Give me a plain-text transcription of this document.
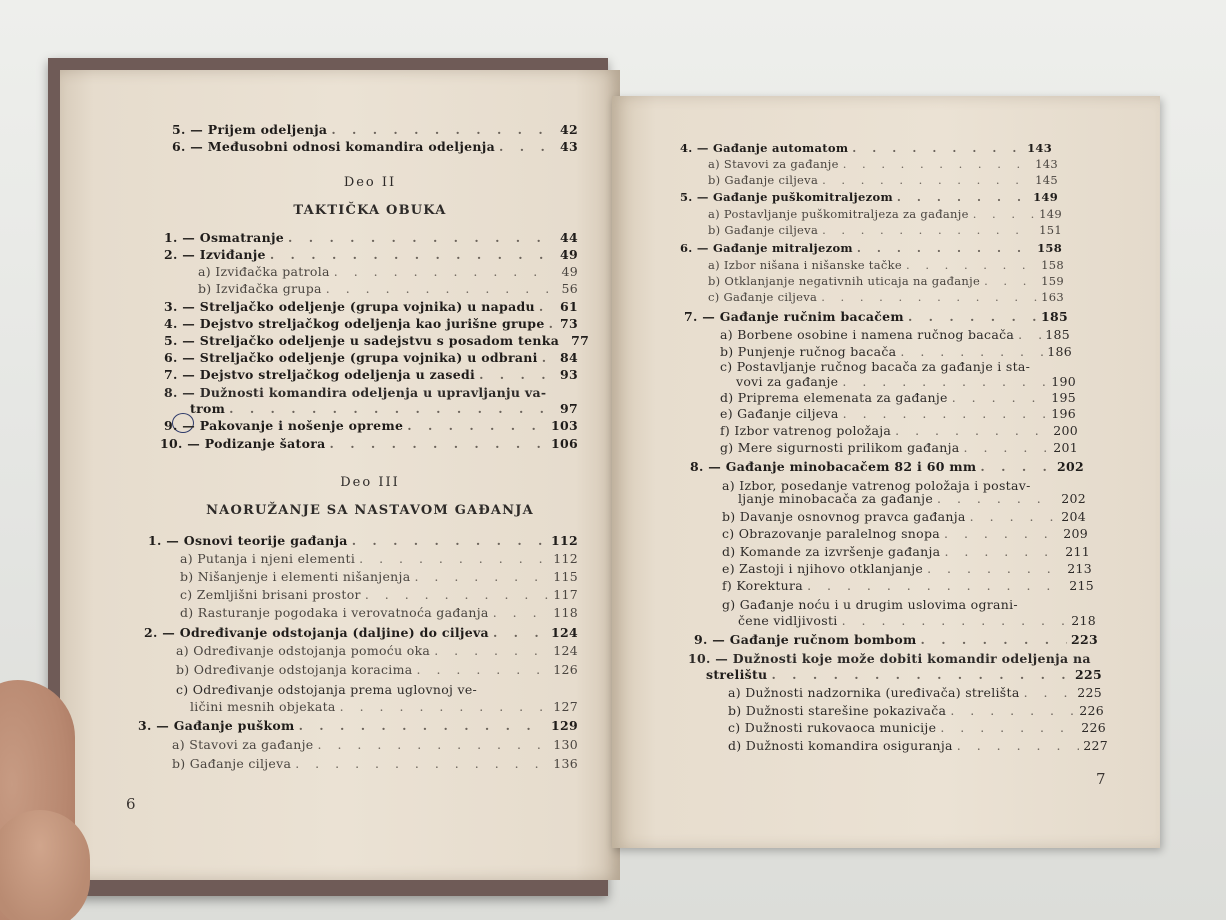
5. — Prijem odeljenja . . .	42
6. — Međusobni odnosi komandira odeljenja . . .	43
Deo II
TAKTIČKA OBUKA
1. — Osmatranje . . .	44
2. — Izviđanje . . .	49
a) Izviđačka patrola . . .	49
b) Izviđačka grupa . . .	56
3. — Streljačko odeljenje (grupa vojnika) u napadu . . .	61
4. — Dejstvo streljačkog odeljenja kao jurišne grupe . . .	73
5. — Streljačko odeljenje u sadejstvu s posadom tenka 77
6. — Streljačko odeljenje (grupa vojnika) u odbrani . . .	84
7. — Dejstvo streljačkog odeljenja u zasedi . . .	93
8. — Dužnosti komandira odeljenja u upravljanju va-
trom . . .	97
9. — Pakovanje i nošenje opreme . . .	103
10. — Podizanje šatora . . .	106
Deo III
NAORUŽANJE SA NASTAVOM GAĐANJA
1. — Osnovi teorije gađanja . . .	112
a) Putanja i njeni elementi . . .	112
b) Nišanjenje i elementi nišanjenja . . .	115
c) Zemljišni brisani prostor . . .	117
d) Rasturanje pogodaka i verovatnoća gađanja . . .	118
2. — Određivanje odstojanja (daljine) do ciljeva . . .	124
a) Određivanje odstojanja pomoću oka . . .	124
b) Određivanje odstojanja koracima . . .	126
c) Određivanje odstojanja prema uglovnoj ve-
ličini mesnih objekata . . .	127
3. — Gađanje puškom . . .	129
a) Stavovi za gađanje . . .	130
b) Gađanje ciljeva . . .	136
6
4. — Gađanje automatom . . .	143
a) Stavovi za gađanje . . .	143
b) Gađanje ciljeva . . .	145
5. — Gađanje puškomitraljezom . . .	149
a) Postavljanje puškomitraljeza za gađanje . . .	149
b) Gađanje ciljeva . . .	151
6. — Gađanje mitraljezom . . .	158
a) Izbor nišana i nišanske tačke . . .	158
b) Otklanjanje negativnih uticaja na gađanje . . .	159
c) Gađanje ciljeva . . .	163
7. — Gađanje ručnim bacačem . . .	185
a) Borbene osobine i namena ručnog bacača . . . 185
b) Punjenje ručnog bacača . . .	186
c) Postavljanje ručnog bacača za gađanje i sta-
vovi za gađanje . . .	190
d) Priprema elemenata za gađanje . . .	195
e) Gađanje ciljeva . . .	196
f) Izbor vatrenog položaja . . .	200
g) Mere sigurnosti prilikom gađanja . . .	201
8. — Gađanje minobacačem 82 i 60 mm . . .	202
a) Izbor, posedanje vatrenog položaja i postav-
ljanje minobacača za gađanje . . .	202
b) Davanje osnovnog pravca gađanja . . .	204
c) Obrazovanje paralelnog snopa . . .	209
d) Komande za izvršenje gađanja . . .	211
e) Zastoji i njihovo otklanjanje . . .	213
f) Korektura . . .	215
g) Gađanje noću i u drugim uslovima ograni-
čene vidljivosti . . .	218
9. — Gađanje ručnom bombom . . .	223
10. — Dužnosti koje može dobiti komandir odeljenja na
strelištu . . .	225
a) Dužnosti nadzornika (uređivača) strelišta . . .	225
b) Dužnosti starešine pokazivača . . .	226
c) Dužnosti rukovaoca municije . . .	226
d) Dužnosti komandira osiguranja . . .	227
7
